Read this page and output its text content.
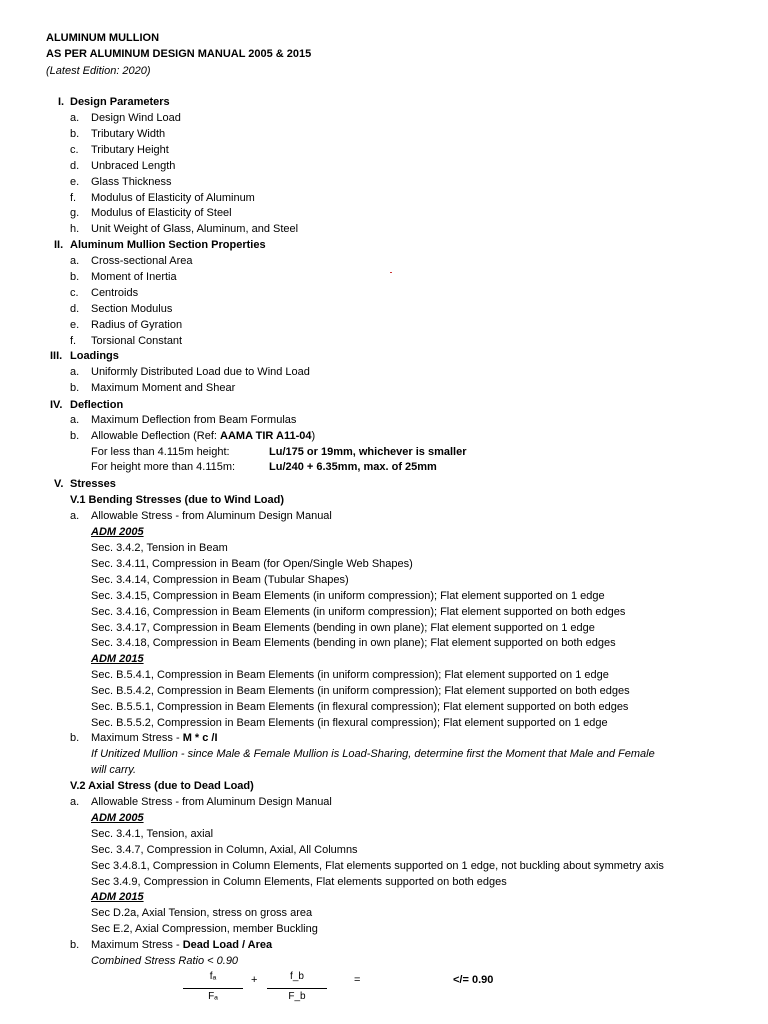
ALUMINUM MULLION
AS PER ALUMINUM DESIGN MANUAL 2005 & 2015
(Latest Edition: 2020)
I. Design Parameters
a. Design Wind Load
b. Tributary Width
c. Tributary Height
d. Unbraced Length
e. Glass Thickness
f. Modulus of Elasticity of Aluminum
g. Modulus of Elasticity of Steel
h. Unit Weight of Glass, Aluminum, and Steel
II. Aluminum Mullion Section Properties
a. Cross-sectional Area
b. Moment of Inertia
c. Centroids
d. Section Modulus
e. Radius of Gyration
f. Torsional Constant
III. Loadings
a. Uniformly Distributed Load due to Wind Load
b. Maximum Moment and Shear
IV. Deflection
a. Maximum Deflection from Beam Formulas
b. Allowable Deflection (Ref: AAMA TIR A11-04)
For less than 4.115m height:	Lu/175 or 19mm, whichever is smaller
For height more than 4.115m:	Lu/240 + 6.35mm, max. of 25mm
V. Stresses
V.1 Bending Stresses (due to Wind Load)
a. Allowable Stress - from Aluminum Design Manual
ADM 2005
Sec. 3.4.2, Tension in Beam
Sec. 3.4.11, Compression in Beam (for Open/Single Web Shapes)
Sec. 3.4.14, Compression in Beam (Tubular Shapes)
Sec. 3.4.15, Compression in Beam Elements (in uniform compression); Flat element supported on 1 edge
Sec. 3.4.16, Compression in Beam Elements (in uniform compression); Flat element supported on both edges
Sec. 3.4.17, Compression in Beam Elements (bending in own plane); Flat element supported on 1 edge
Sec. 3.4.18, Compression in Beam Elements (bending in own plane); Flat element supported on both edges
ADM 2015
Sec. B.5.4.1, Compression in Beam Elements (in uniform compression); Flat element supported on 1 edge
Sec. B.5.4.2, Compression in Beam Elements (in uniform compression); Flat element supported on both edges
Sec. B.5.5.1, Compression in Beam Elements (in flexural compression); Flat element supported on both edges
Sec. B.5.5.2, Compression in Beam Elements (in flexural compression); Flat element supported on 1 edge
b. Maximum Stress - M * c /I
If Unitized Mullion - since Male & Female Mullion is Load-Sharing, determine first the Moment that Male and Female
will carry.
V.2 Axial Stress (due to Dead Load)
a. Allowable Stress - from Aluminum Design Manual
ADM 2005
Sec. 3.4.1, Tension, axial
Sec. 3.4.7, Compression in Column, Axial, All Columns
Sec 3.4.8.1, Compression in Column Elements, Flat elements supported on 1 edge, not buckling about symmetry axis
Sec 3.4.9, Compression in Column Elements, Flat elements supported on both edges
ADM 2015
Sec D.2a, Axial Tension, stress on gross area
Sec E.2, Axial Compression, member Buckling
b. Maximum Stress - Dead Load / Area
Combined Stress Ratio < 0.90
fₐ
Fₐ
+	f_b
F_b
=	</= 0.90
